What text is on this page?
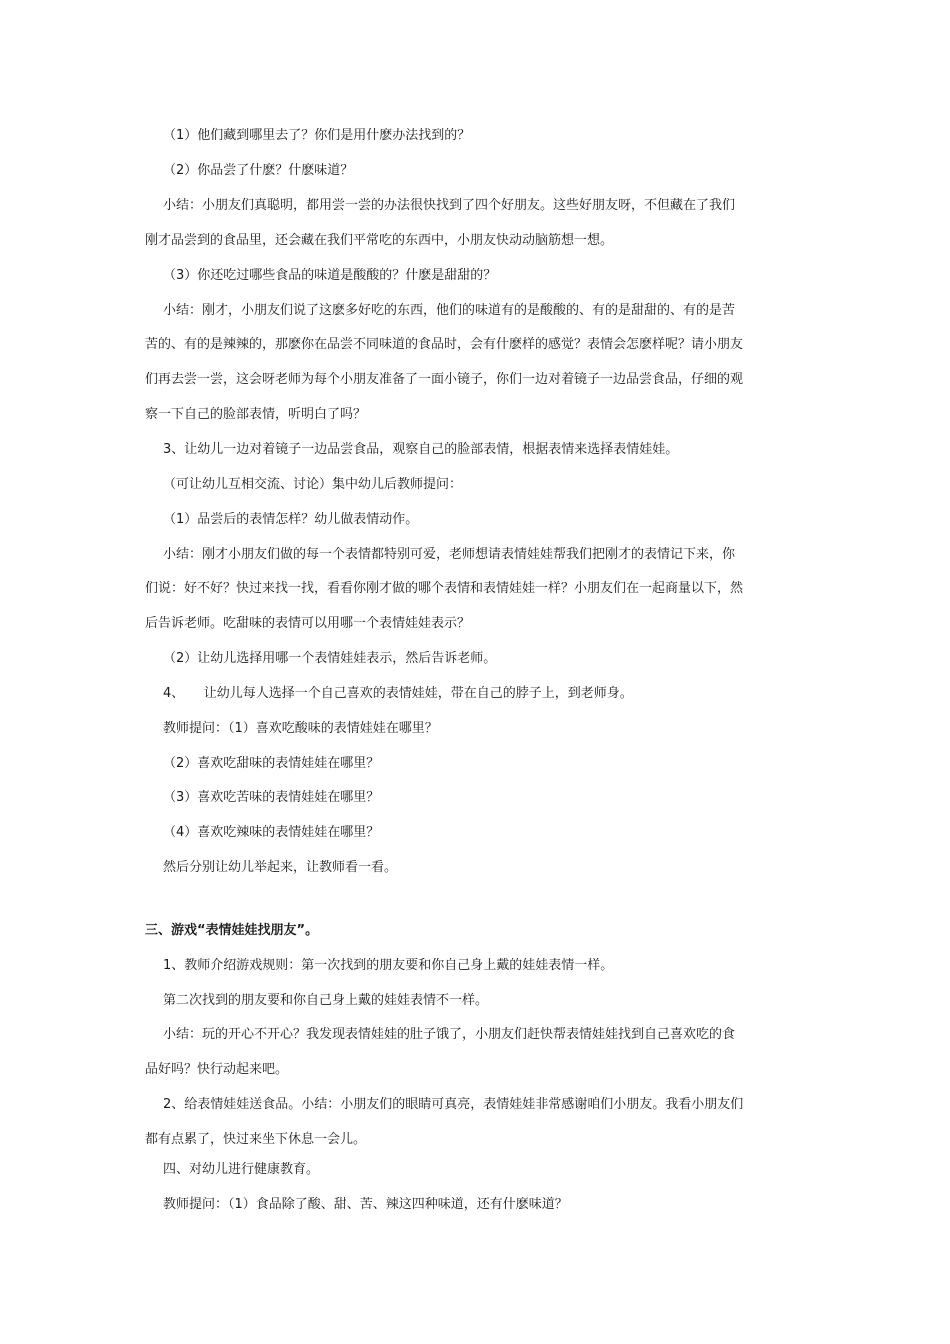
（1）他们藏到哪里去了？你们是用什麽办法找到的？
（2）你品尝了什麽？什麽味道？
小结：小朋友们真聪明，都用尝一尝的办法很快找到了四个好朋友。这些好朋友呀，不但藏在了我们
刚才品尝到的食品里，还会藏在我们平常吃的东西中，小朋友快动动脑筋想一想。
（3）你还吃过哪些食品的味道是酸酸的？什麽是甜甜的？
小结：刚才，小朋友们说了这麽多好吃的东西，他们的味道有的是酸酸的、有的是甜甜的、有的是苦
苦的、有的是辣辣的，那麽你在品尝不同味道的食品时，会有什麽样的感觉？表情会怎麽样呢？请小朋友
们再去尝一尝，这会呀老师为每个小朋友准备了一面小镜子，你们一边对着镜子一边品尝食品，仔细的观
察一下自己的脸部表情，听明白了吗？
3、让幼儿一边对着镜子一边品尝食品，观察自己的脸部表情，根据表情来选择表情娃娃。
（可让幼儿互相交流、讨论）集中幼儿后教师提问：
（1）品尝后的表情怎样？幼儿做表情动作。
小结：刚才小朋友们做的每一个表情都特别可爱，老师想请表情娃娃帮我们把刚才的表情记下来，你
们说：好不好？快过来找一找，看看你刚才做的哪个表情和表情娃娃一样？小朋友们在一起商量以下，然
后告诉老师。吃甜味的表情可以用哪一个表情娃娃表示？
（2）让幼儿选择用哪一个表情娃娃表示，然后告诉老师。
4、　　让幼儿每人选择一个自己喜欢的表情娃娃，带在自己的脖子上，到老师身。
教师提问：（1）喜欢吃酸味的表情娃娃在哪里？
（2）喜欢吃甜味的表情娃娃在哪里？
（3）喜欢吃苦味的表情娃娃在哪里？
（4）喜欢吃辣味的表情娃娃在哪里？
然后分别让幼儿举起来，让教师看一看。
三、游戏“表情娃娃找朋友”。
1、教师介绍游戏规则：第一次找到的朋友要和你自己身上戴的娃娃表情一样。
第二次找到的朋友要和你自己身上戴的娃娃表情不一样。
小结：玩的开心不开心？我发现表情娃娃的肚子饿了，小朋友们赶快帮表情娃娃找到自己喜欢吃的食
品好吗？快行动起来吧。
2、给表情娃娃送食品。小结：小朋友们的眼睛可真亮，表情娃娃非常感谢咱们小朋友。我看小朋友们
都有点累了，快过来坐下休息一会儿。
四、对幼儿进行健康教育。
教师提问：（1）食品除了酸、甜、苦、辣这四种味道，还有什麽味道？
